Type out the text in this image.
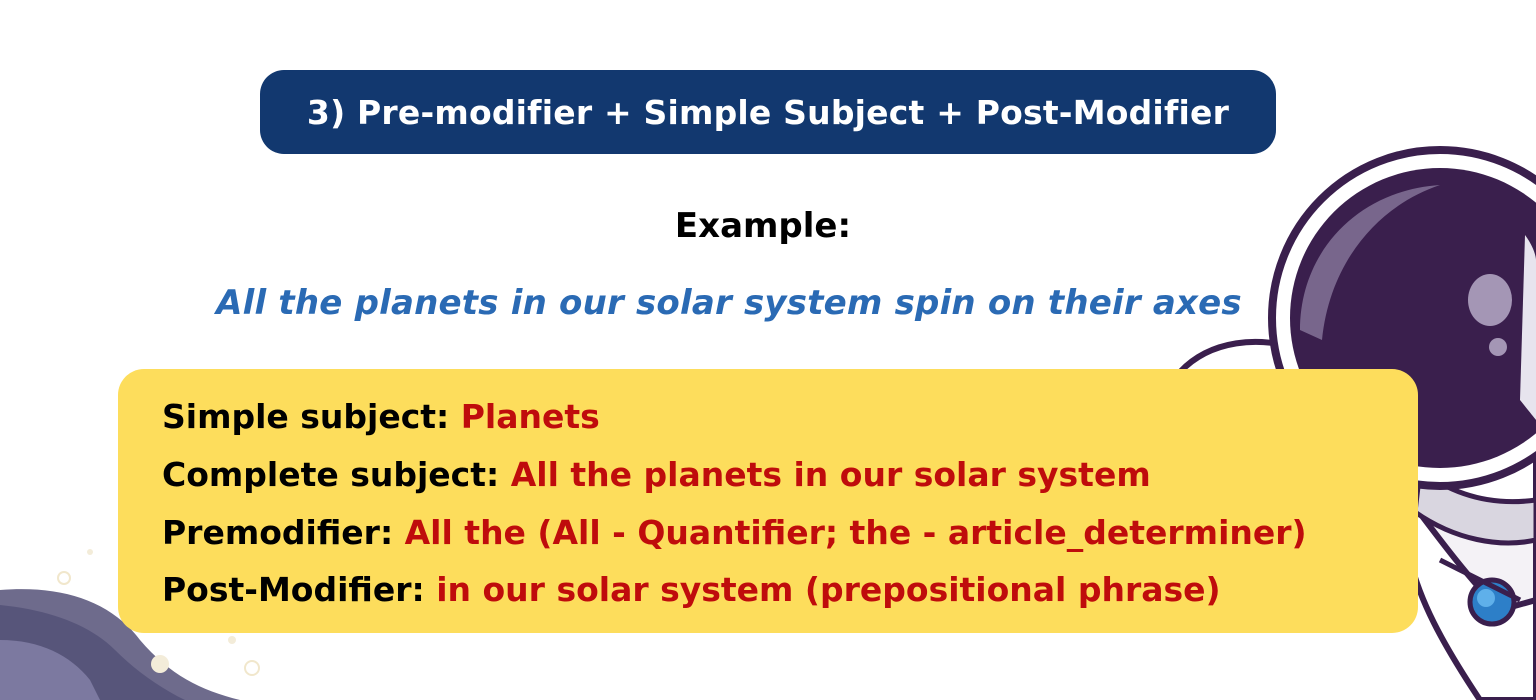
3) Pre-modifier + Simple Subject + Post-Modifier
Example:
All the planets in our solar system spin on their axes
Simple subject: Planets
Complete subject: All the planets in our solar system
Premodifier: All the (All - Quantifier; the - article_determiner)
Post-Modifier: in our solar system (prepositional phrase)
